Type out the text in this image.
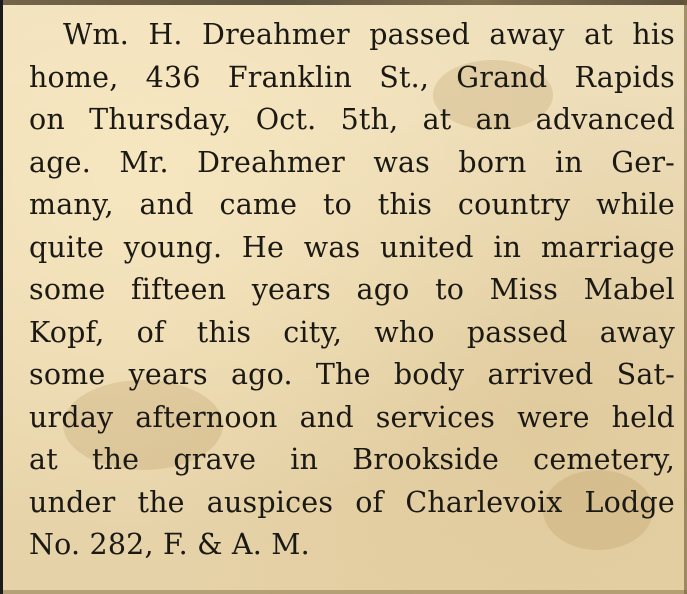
Wm. H. Dreahmer passed away at his
home, 436 Franklin St., Grand Rapids
on Thursday, Oct. 5th, at an advanced
age. Mr. Dreahmer was born in Ger-
many, and came to this country while
quite young. He was united in marriage
some fifteen years ago to Miss Mabel
Kopf, of this city, who passed away
some years ago. The body arrived Sat-
urday afternoon and services were held
at the grave in Brookside cemetery,
under the auspices of Charlevoix Lodge
No. 282, F. & A. M.
